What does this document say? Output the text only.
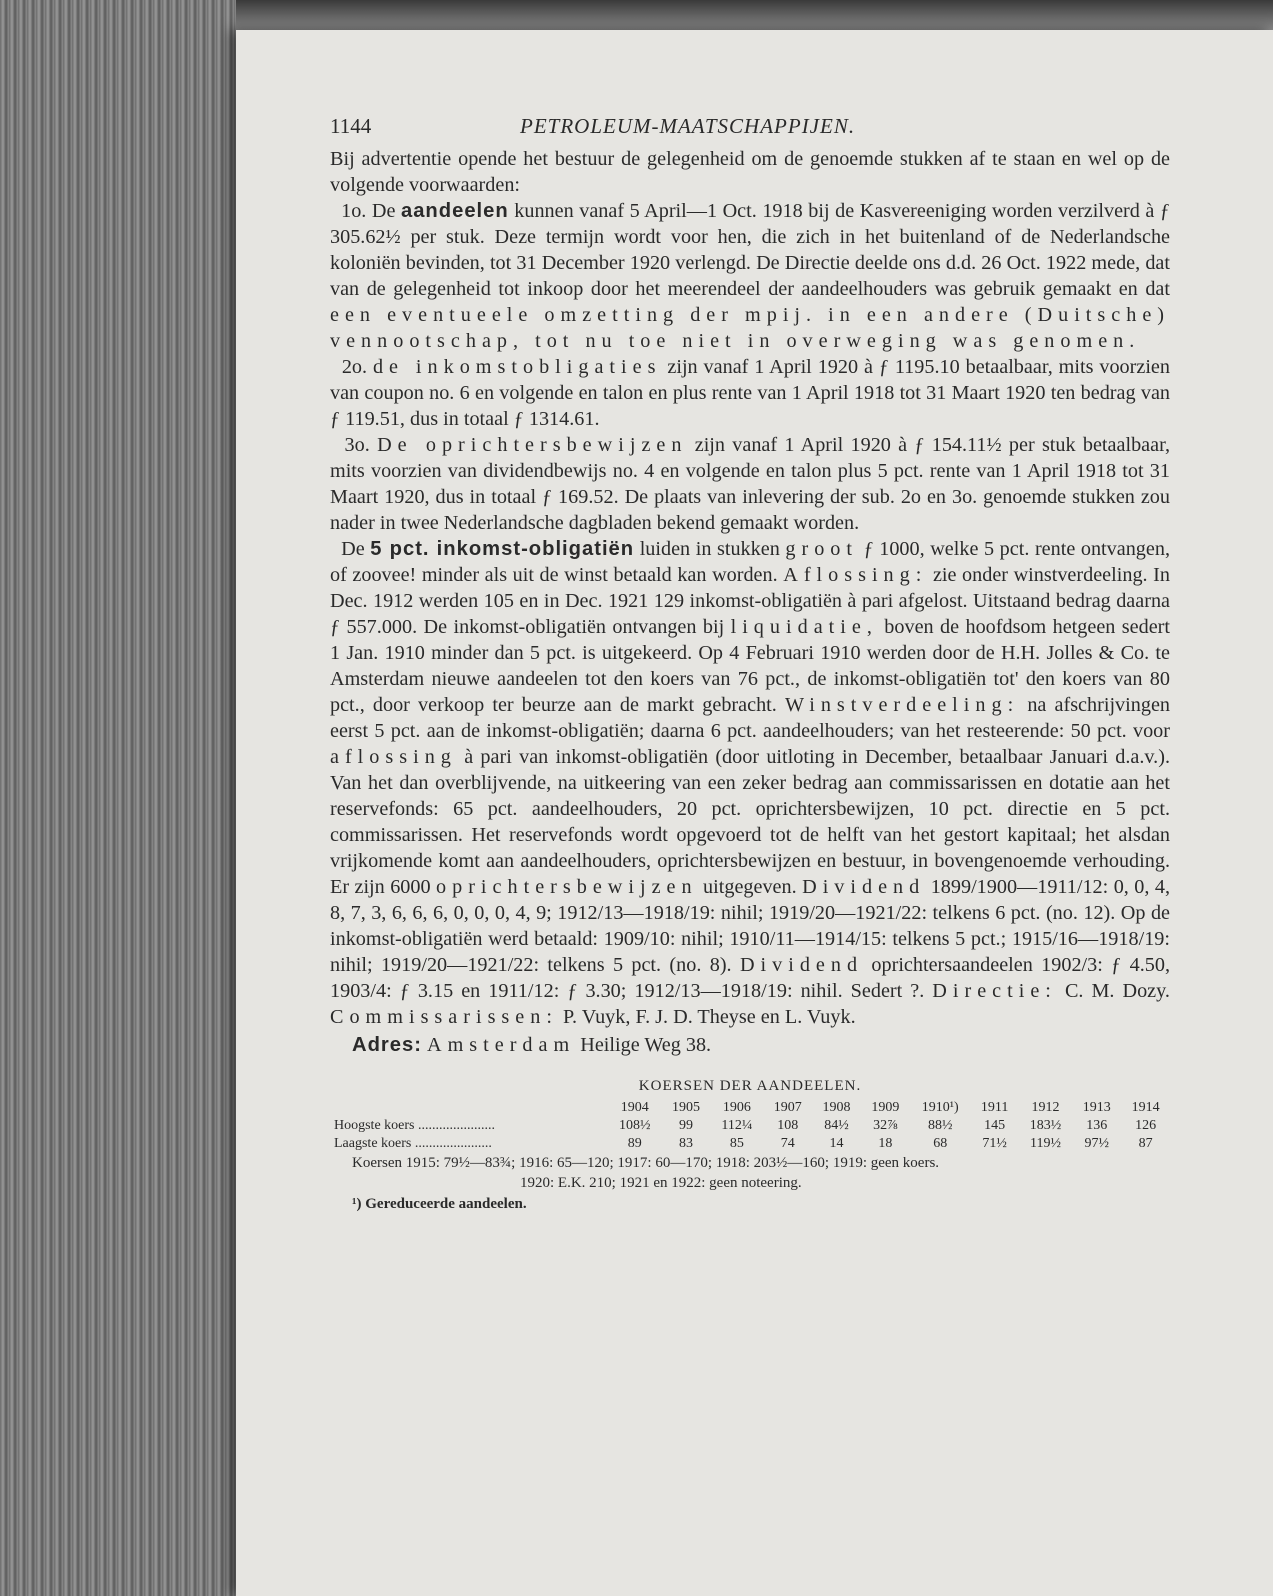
1144	PETROLEUM-MAATSCHAPPIJEN.

Bij advertentie opende het bestuur de gelegenheid om de genoemde stukken af te staan en wel op de volgende voorwaarden:

1o. De aandeelen kunnen vanaf 5 April—1 Oct. 1918 bij de Kasvereeniging worden verzilverd à ƒ 305.62½ per stuk. Deze termijn wordt voor hen, die zich in het buitenland of de Nederlandsche koloniën bevinden, tot 31 December 1920 verlengd. De Directie deelde ons d.d. 26 Oct. 1922 mede, dat van de gelegenheid tot inkoop door het meerendeel der aandeelhouders was gebruik gemaakt en dat een eventueele omzetting der mpij. in een andere (Duitsche) vennootschap, tot nu toe niet in overweging was genomen.

2o. de inkomstobligaties zijn vanaf 1 April 1920 à ƒ 1195.10 betaalbaar, mits voorzien van coupon no. 6 en volgende en talon en plus rente van 1 April 1918 tot 31 Maart 1920 ten bedrag van ƒ 119.51, dus in totaal ƒ 1314.61.

3o. De oprichtersbewijzen zijn vanaf 1 April 1920 à ƒ 154.11½ per stuk betaalbaar, mits voorzien van dividendbewijs no. 4 en volgende en talon plus 5 pct. rente van 1 April 1918 tot 31 Maart 1920, dus in totaal ƒ 169.52. De plaats van inlevering der sub. 2o en 3o. genoemde stukken zou nader in twee Nederlandsche dagbladen bekend gemaakt worden.

De 5 pct. inkomst-obligatiën luiden in stukken groot ƒ 1000, welke 5 pct. rente ontvangen, of zoovee! minder als uit de winst betaald kan worden. Aflossing: zie onder winstverdeeling. In Dec. 1912 werden 105 en in Dec. 1921 129 inkomst-obligatiën à pari afgelost. Uitstaand bedrag daarna ƒ 557.000. De inkomst-obligatiën ontvangen bij liquidatie, boven de hoofdsom hetgeen sedert 1 Jan. 1910 minder dan 5 pct. is uitgekeerd. Op 4 Februari 1910 werden door de H.H. Jolles & Co. te Amsterdam nieuwe aandeelen tot den koers van 76 pct., de inkomst-obligatiën tot' den koers van 80 pct., door verkoop ter beurze aan de markt gebracht. Winstverdeeling: na afschrijvingen eerst 5 pct. aan de inkomst-obligatiën; daarna 6 pct. aandeelhouders; van het resteerende: 50 pct. voor aflossing à pari van inkomst-obligatiën (door uitloting in December, betaalbaar Januari d.a.v.). Van het dan overblijvende, na uitkeering van een zeker bedrag aan commissarissen en dotatie aan het reservefonds: 65 pct. aandeelhouders, 20 pct. oprichtersbewijzen, 10 pct. directie en 5 pct. commissarissen. Het reservefonds wordt opgevoerd tot de helft van het gestort kapitaal; het alsdan vrijkomende komt aan aandeelhouders, oprichtersbewijzen en bestuur, in bovengenoemde verhouding. Er zijn 6000 oprichtersbewijzen uitgegeven. Dividend 1899/1900—1911/12: 0, 0, 4, 8, 7, 3, 6, 6, 6, 0, 0, 0, 4, 9; 1912/13—1918/19: nihil; 1919/20—1921/22: telkens 6 pct. (no. 12). Op de inkomst-obligatiën werd betaald: 1909/10: nihil; 1910/11—1914/15: telkens 5 pct.; 1915/16—1918/19: nihil; 1919/20—1921/22: telkens 5 pct. (no. 8). Dividend oprichtersaandeelen 1902/3: ƒ 4.50, 1903/4: ƒ 3.15 en 1911/12: ƒ 3.30; 1912/13—1918/19: nihil. Sedert ?. Directie: C. M. Dozy. Commissarissen: P. Vuyk, F. J. D. Theyse en L. Vuyk.

Adres: Amsterdam Heilige Weg 38.

KOERSEN DER AANDEELEN.
	1904	1905	1906	1907	1908	1909	1910¹)	1911	1912	1913	1914
Hoogste koers ......................	108½	99	112¼	108	84½	32⅞	88½	145	183½	136	126
Laagste koers ......................	89	83	85	74	14	18	68	71½	119½	97½	87
Koersen 1915: 79½—83¾; 1916: 65—120; 1917: 60—170; 1918: 203½—160; 1919: geen koers.
1920: E.K. 210; 1921 en 1922: geen noteering.
¹) Gereduceerde aandeelen.
